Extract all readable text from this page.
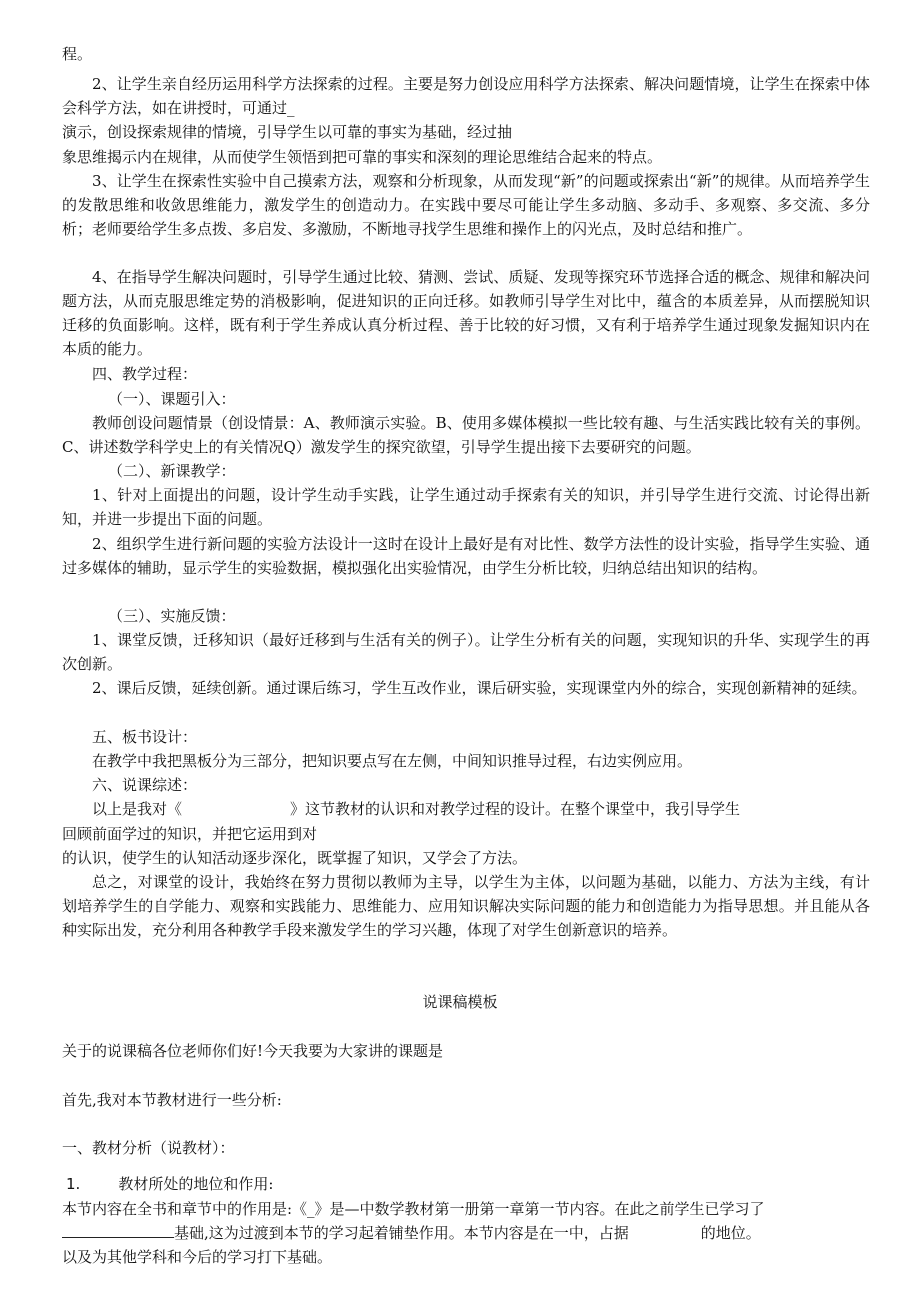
程。

2、让学生亲自经历运用科学方法探索的过程。主要是努力创设应用科学方法探索、解决问题情境，让学生在探索中体会科学方法，如在讲授时，可通过_

演示，创设探索规律的情境，引导学生以可靠的事实为基础，经过抽

象思维揭示内在规律，从而使学生领悟到把可靠的事实和深刻的理论思维结合起来的特点。

3、让学生在探索性实验中自己摸索方法，观察和分析现象，从而发现“新”的问题或探索出“新”的规律。从而培养学生的发散思维和收敛思维能力，激发学生的创造动力。在实践中要尽可能让学生多动脑、多动手、多观察、多交流、多分析；老师要给学生多点拨、多启发、多激励，不断地寻找学生思维和操作上的闪光点，及时总结和推广。

4、在指导学生解决问题时，引导学生通过比较、猜测、尝试、质疑、发现等探究环节选择合适的概念、规律和解决问题方法，从而克服思维定势的消极影响，促进知识的正向迁移。如教师引导学生对比中，蕴含的本质差异，从而摆脱知识迁移的负面影响。这样，既有利于学生养成认真分析过程、善于比较的好习惯，又有利于培养学生通过现象发掘知识内在本质的能力。

四、教学过程：

（一）、课题引入：

教师创设问题情景（创设情景：A、教师演示实验。B、使用多媒体模拟一些比较有趣、与生活实践比较有关的事例。C、讲述数学科学史上的有关情况Q）激发学生的探究欲望，引导学生提出接下去要研究的问题。

（二）、新课教学：

1、针对上面提出的问题，设计学生动手实践，让学生通过动手探索有关的知识，并引导学生进行交流、讨论得出新知，并进一步提出下面的问题。

2、组织学生进行新问题的实验方法设计一这时在设计上最好是有对比性、数学方法性的设计实验，指导学生实验、通过多媒体的辅助，显示学生的实验数据，模拟强化出实验情况，由学生分析比较，归纳总结出知识的结构。

（三）、实施反馈：

1、课堂反馈，迁移知识（最好迁移到与生活有关的例子）。让学生分析有关的问题，实现知识的升华、实现学生的再次创新。

2、课后反馈，延续创新。通过课后练习，学生互改作业，课后研实验，实现课堂内外的综合，实现创新精神的延续。

五、板书设计：

在教学中我把黑板分为三部分，把知识要点写在左侧，中间知识推导过程，右边实例应用。

六、说课综述：

以上是我对《	》这节教材的认识和对教学过程的设计。在整个课堂中，我引导学生

回顾前面学过的知识，并把它运用到对

的认识，使学生的认知活动逐步深化，既掌握了知识，又学会了方法。

总之，对课堂的设计，我始终在努力贯彻以教师为主导，以学生为主体，以问题为基础，以能力、方法为主线，有计划培养学生的自学能力、观察和实践能力、思维能力、应用知识解决实际问题的能力和创造能力为指导思想。并且能从各种实际出发，充分利用各种教学手段来激发学生的学习兴趣，体现了对学生创新意识的培养。

说课稿模板

关于的说课稿各位老师你们好!今天我要为大家讲的课题是

首先,我对本节教材进行一些分析:

一、教材分析（说教材）：

1.	教材所处的地位和作用:

本节内容在全书和章节中的作用是:《_》是—中数学教材第一册第一章第一节内容。在此之前学生已学习了

基础,这为过渡到本节的学习起着铺垫作用。本节内容是在一中，占据	的地位。

以及为其他学科和今后的学习打下基础。
